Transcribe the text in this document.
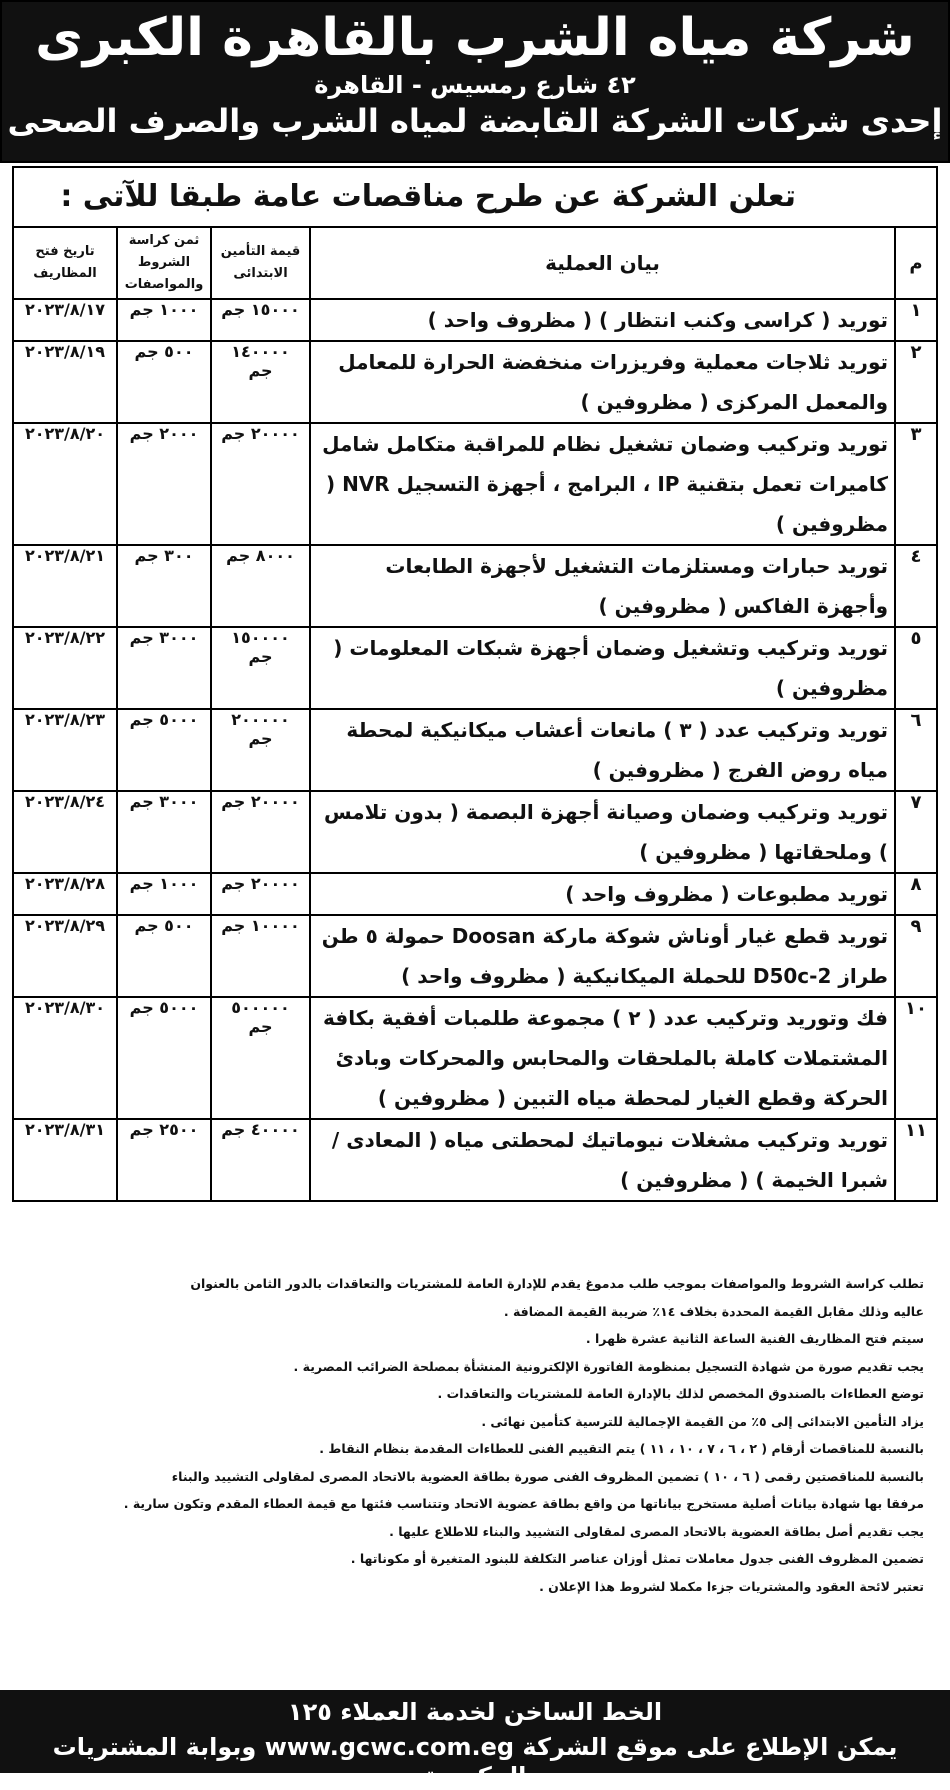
شركة مياه الشرب بالقاهرة الكبرى
٤٢ شارع رمسيس - القاهرة
إحدى شركات الشركة القابضة لمياه الشرب والصرف الصحى
تعلن الشركة عن طرح مناقصات عامة طبقا للآتى :
م	بيان العملية	قيمة التأمين الابتدائى	ثمن كراسة الشروط والمواصفات	تاريخ فتح المظاريف
١	توريد ( كراسى وكنب انتظار ) ( مظروف واحد )	١٥٠٠٠ جم	١٠٠٠ جم	٢٠٢٣/٨/١٧
٢	توريد ثلاجات معملية وفريزرات منخفضة الحرارة للمعامل والمعمل المركزى ( مظروفين )	١٤٠٠٠٠ جم	٥٠٠ جم	٢٠٢٣/٨/١٩
٣	توريد وتركيب وضمان تشغيل نظام للمراقبة متكامل شامل كاميرات تعمل بتقنية IP ، البرامج ، أجهزة التسجيل NVR ( مظروفين )	٢٠٠٠٠ جم	٢٠٠٠ جم	٢٠٢٣/٨/٢٠
٤	توريد حبارات ومستلزمات التشغيل لأجهزة الطابعات وأجهزة الفاكس ( مظروفين )	٨٠٠٠ جم	٣٠٠ جم	٢٠٢٣/٨/٢١
٥	توريد وتركيب وتشغيل وضمان أجهزة شبكات المعلومات ( مظروفين )	١٥٠٠٠٠ جم	٣٠٠٠ جم	٢٠٢٣/٨/٢٢
٦	توريد وتركيب عدد ( ٣ ) مانعات أعشاب ميكانيكية لمحطة مياه روض الفرج ( مظروفين )	٢٠٠٠٠٠ جم	٥٠٠٠ جم	٢٠٢٣/٨/٢٣
٧	توريد وتركيب وضمان وصيانة أجهزة البصمة ( بدون تلامس ) وملحقاتها ( مظروفين )	٢٠٠٠٠ جم	٣٠٠٠ جم	٢٠٢٣/٨/٢٤
٨	توريد مطبوعات ( مظروف واحد )	٢٠٠٠٠ جم	١٠٠٠ جم	٢٠٢٣/٨/٢٨
٩	توريد قطع غيار أوناش شوكة ماركة Doosan حمولة ٥ طن طراز D50c-2 للحملة الميكانيكية ( مظروف واحد )	١٠٠٠٠ جم	٥٠٠ جم	٢٠٢٣/٨/٢٩
١٠	فك وتوريد وتركيب عدد ( ٢ ) مجموعة طلمبات أفقية بكافة المشتملات كاملة بالملحقات والمحابس والمحركات وبادئ الحركة وقطع الغيار لمحطة مياه التبين ( مظروفين )	٥٠٠٠٠٠ جم	٥٠٠٠ جم	٢٠٢٣/٨/٣٠
١١	توريد وتركيب مشغلات نيوماتيك لمحطتى مياه ( المعادى / شبرا الخيمة ) ( مظروفين )	٤٠٠٠٠ جم	٢٥٠٠ جم	٢٠٢٣/٨/٣١
تطلب كراسة الشروط والمواصفات بموجب طلب مدموغ يقدم للإدارة العامة للمشتريات والتعاقدات بالدور الثامن بالعنوان
عاليه وذلك مقابل القيمة المحددة بخلاف ١٤٪ ضريبة القيمة المضافة .
سيتم فتح المظاريف الفنية الساعة الثانية عشرة ظهرا .
يجب تقديم صورة من شهادة التسجيل بمنظومة الفاتورة الإلكترونية المنشأة بمصلحة الضرائب المصرية .
توضع العطاءات بالصندوق المخصص لذلك بالإدارة العامة للمشتريات والتعاقدات .
يزاد التأمين الابتدائى إلى ٥٪ من القيمة الإجمالية للترسية كتأمين نهائى .
بالنسبة للمناقصات أرقام ( ٢ ، ٦ ، ٧ ، ١٠ ، ١١ ) يتم التقييم الفنى للعطاءات المقدمة بنظام النقاط .
بالنسبة للمناقصتين رقمى ( ٦ ، ١٠ ) تضمين المظروف الفنى صورة بطاقة العضوية بالاتحاد المصرى لمقاولى التشييد والبناء
مرفقا بها شهادة بيانات أصلية مستخرج بياناتها من واقع بطاقة عضوية الاتحاد وتتناسب فئتها مع قيمة العطاء المقدم وتكون سارية .
يجب تقديم أصل بطاقة العضوية بالاتحاد المصرى لمقاولى التشييد والبناء للاطلاع عليها .
تضمين المظروف الفنى جدول معاملات تمثل أوزان عناصر التكلفة للبنود المتغيرة أو مكوناتها .
تعتبر لائحة العقود والمشتريات جزءا مكملا لشروط هذا الإعلان .
الخط الساخن لخدمة العملاء ١٢٥
يمكن الإطلاع على موقع الشركة www.gcwc.com.eg وبوابة المشتريات الحكومية
